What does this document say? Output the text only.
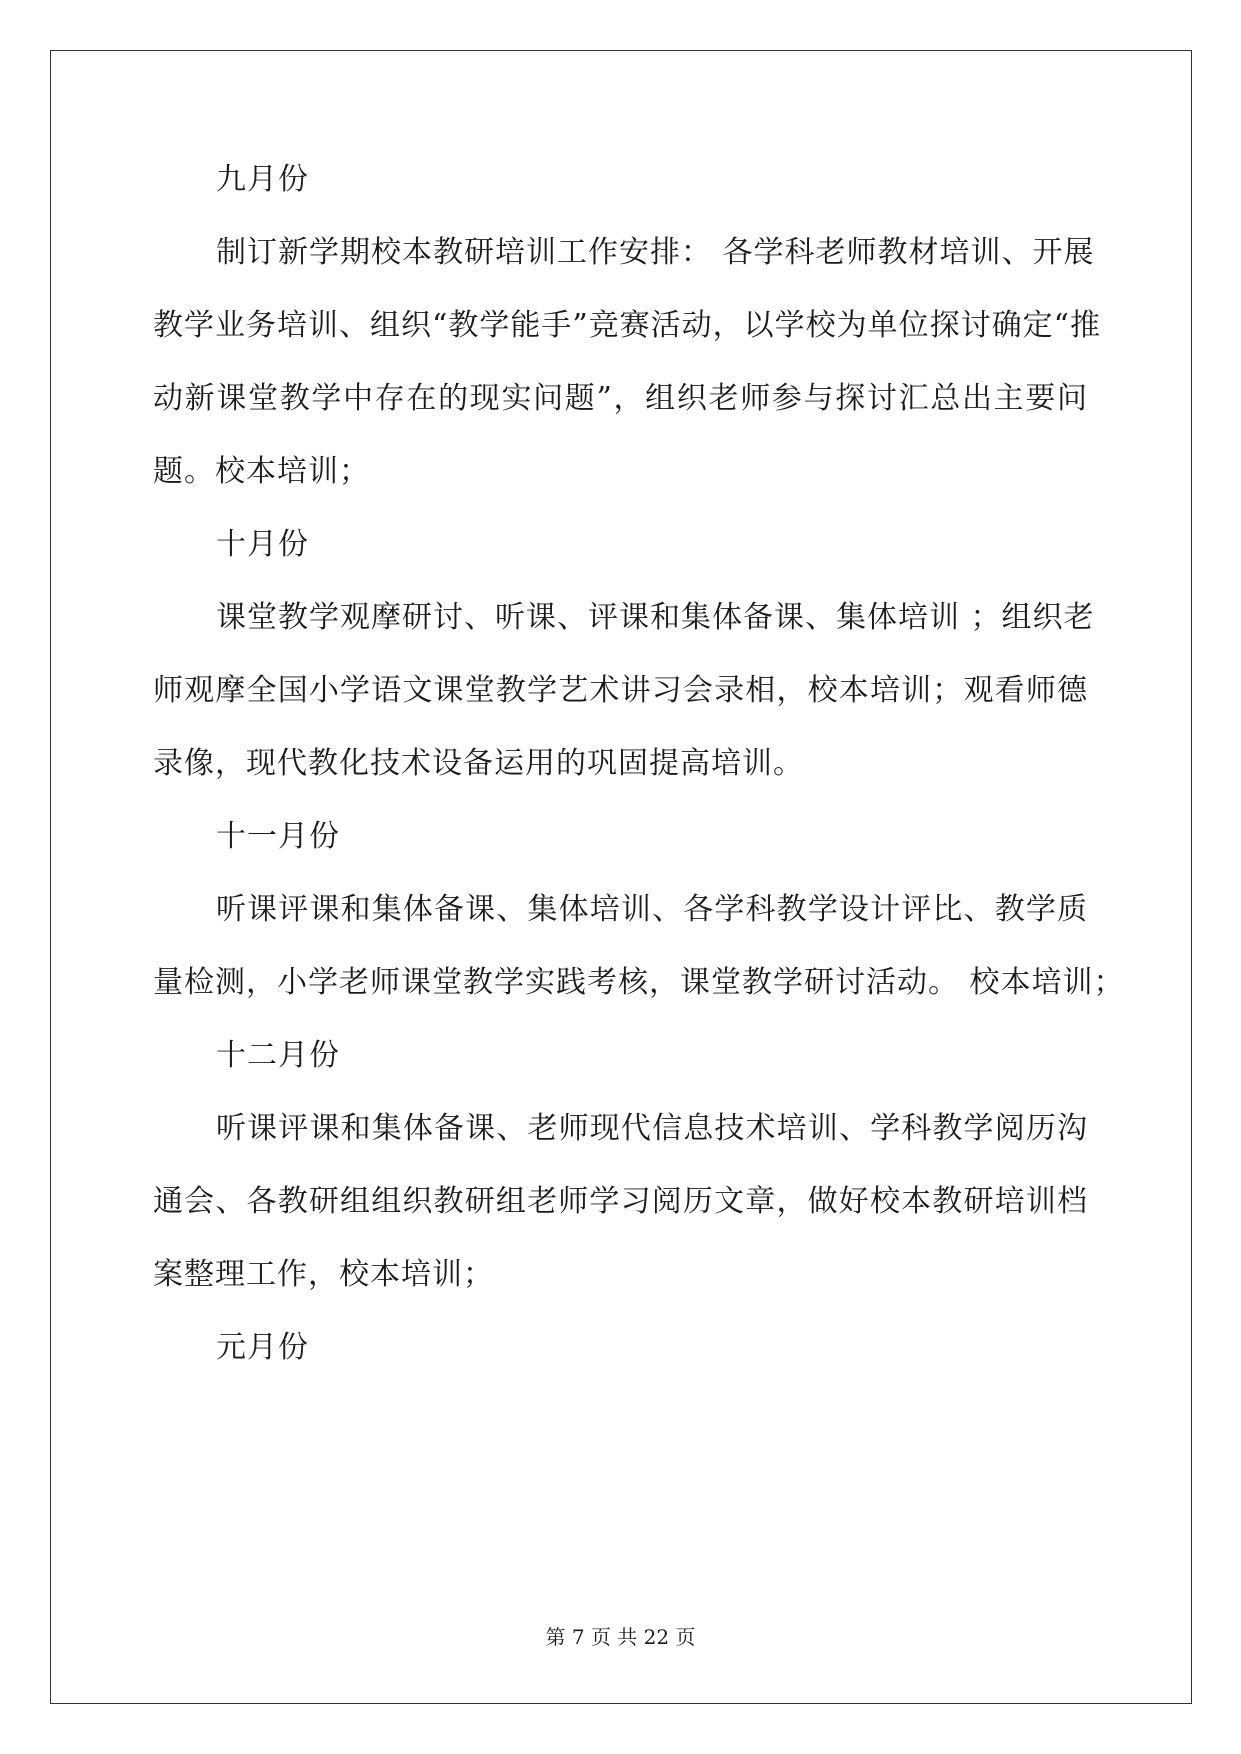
九月份
制订新学期校本教研培训工作安排： 各学科老师教材培训、开展
教学业务培训、组织“教学能手”竞赛活动，以学校为单位探讨确定“推
动新课堂教学中存在的现实问题”，组织老师参与探讨汇总出主要问
题。校本培训；
十月份
课堂教学观摩研讨、听课、评课和集体备课、集体培训 ；组织老
师观摩全国小学语文课堂教学艺术讲习会录相，校本培训；观看师德
录像，现代教化技术设备运用的巩固提高培训。
十一月份
听课评课和集体备课、集体培训、各学科教学设计评比、教学质
量检测，小学老师课堂教学实践考核，课堂教学研讨活动。 校本培训；
十二月份
听课评课和集体备课、老师现代信息技术培训、学科教学阅历沟
通会、各教研组组织教研组老师学习阅历文章，做好校本教研培训档
案整理工作，校本培训；
元月份
第 7 页 共 22 页
